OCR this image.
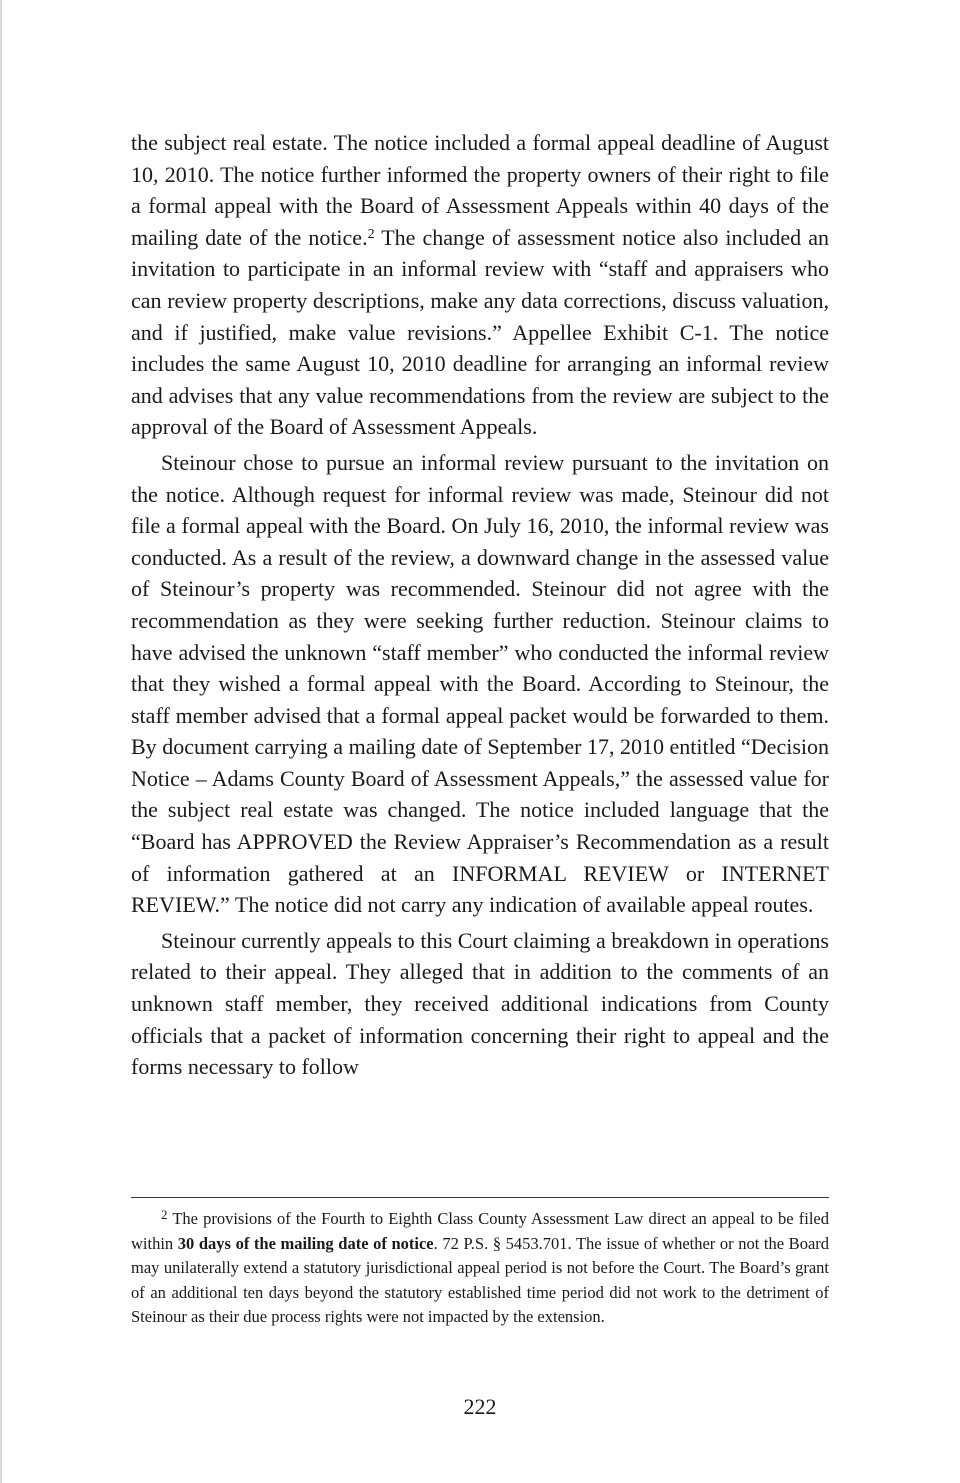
the subject real estate. The notice included a formal appeal deadline of August 10, 2010. The notice further informed the property owners of their right to file a formal appeal with the Board of Assessment Appeals within 40 days of the mailing date of the notice.$^2$ The change of assessment notice also included an invitation to participate in an informal review with “staff and appraisers who can review property descriptions, make any data corrections, discuss valuation, and if justified, make value revisions.” Appellee Exhibit C-1. The notice includes the same August 10, 2010 deadline for arranging an informal review and advises that any value recommendations from the review are subject to the approval of the Board of Assessment Appeals.

Steinour chose to pursue an informal review pursuant to the invitation on the notice. Although request for informal review was made, Steinour did not file a formal appeal with the Board. On July 16, 2010, the informal review was conducted. As a result of the review, a downward change in the assessed value of Steinour’s property was recommended. Steinour did not agree with the recommendation as they were seeking further reduction. Steinour claims to have advised the unknown “staff member” who conducted the informal review that they wished a formal appeal with the Board. According to Steinour, the staff member advised that a formal appeal packet would be forwarded to them. By document carrying a mailing date of September 17, 2010 entitled “Decision Notice – Adams County Board of Assessment Appeals,” the assessed value for the subject real estate was changed. The notice included language that the “Board has APPROVED the Review Appraiser’s Recommendation as a result of information gathered at an INFORMAL REVIEW or INTERNET REVIEW.” The notice did not carry any indication of available appeal routes.

Steinour currently appeals to this Court claiming a breakdown in operations related to their appeal. They alleged that in addition to the comments of an unknown staff member, they received additional indications from County officials that a packet of information concerning their right to appeal and the forms necessary to follow

$^2$ The provisions of the Fourth to Eighth Class County Assessment Law direct an appeal to be filed within 30 days of the mailing date of notice. 72 P.S. § 5453.701. The issue of whether or not the Board may unilaterally extend a statutory jurisdictional appeal period is not before the Court. The Board’s grant of an additional ten days beyond the statutory established time period did not work to the detriment of Steinour as their due process rights were not impacted by the extension.

222
